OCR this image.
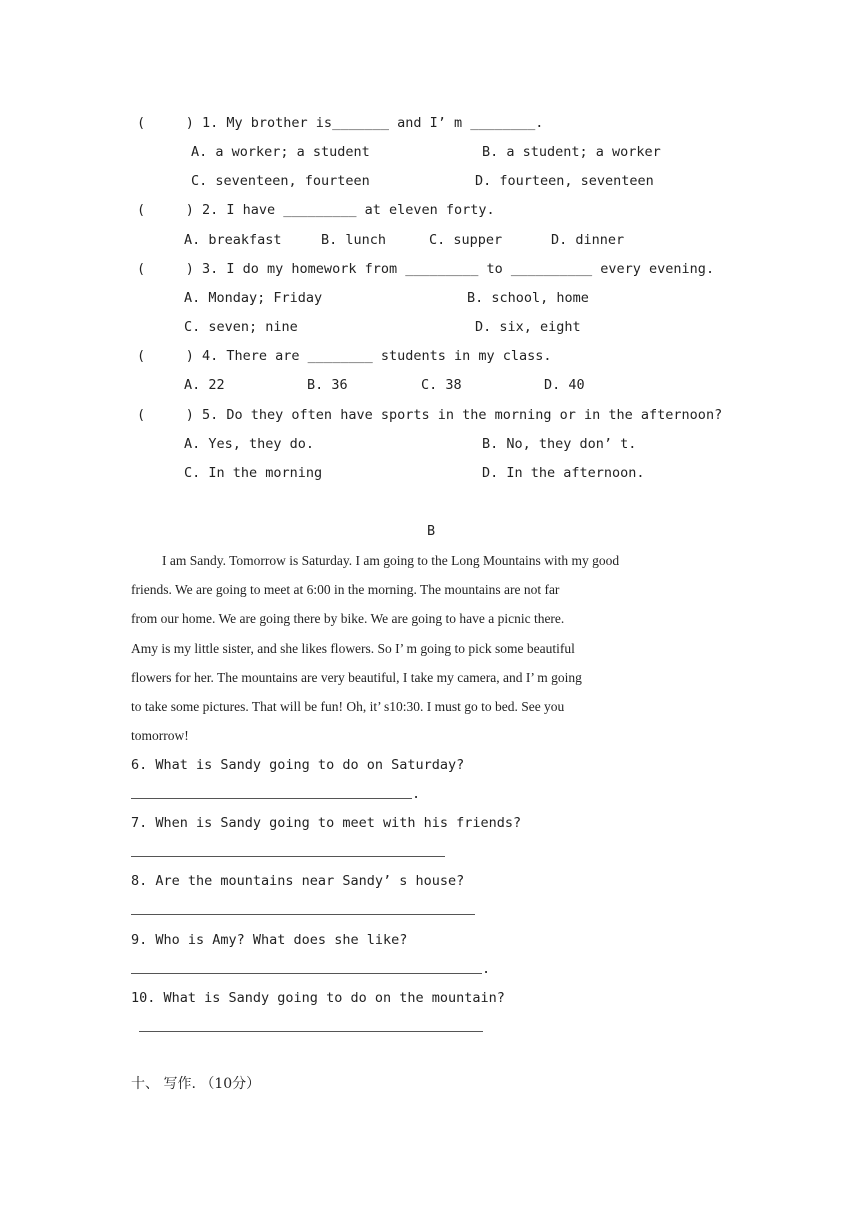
(     ) 1. My brother is_______ and I’ m ________.
A. a worker; a student	B. a student; a worker
C. seventeen, fourteen	D. fourteen, seventeen
(     ) 2. I have _________ at eleven forty.
A. breakfast	B. lunch	C. supper	D. dinner
(     ) 3. I do my homework from _________ to __________ every evening.
A. Monday; Friday	B. school, home
C. seven; nine	D. six, eight
(     ) 4. There are ________ students in my class.
A. 22	B. 36	C. 38	D. 40
(     ) 5. Do they often have sports in the morning or in the afternoon?
A. Yes, they do.	B. No, they don’ t.
C. In the morning	D. In the afternoon.
B
I am Sandy. Tomorrow is Saturday. I am going to the Long Mountains with my good
friends. We are going to meet at 6:00 in the morning. The mountains are not far
from our home. We are going there by bike. We are going to have a picnic there.
Amy is my little sister, and she likes flowers. So I’ m going to pick some beautiful
flowers for her. The mountains are very beautiful, I take my camera, and I’ m going
to take some pictures. That will be fun! Oh, it’ s10:30. I must go to bed. See you
tomorrow!
6. What is Sandy going to do on Saturday?
.
7. When is Sandy going to meet with his friends?
8. Are the mountains near Sandy’ s house?
9. Who is Amy? What does she like?
.
10. What is Sandy going to do on the mountain?
十、 写作. （10分）
